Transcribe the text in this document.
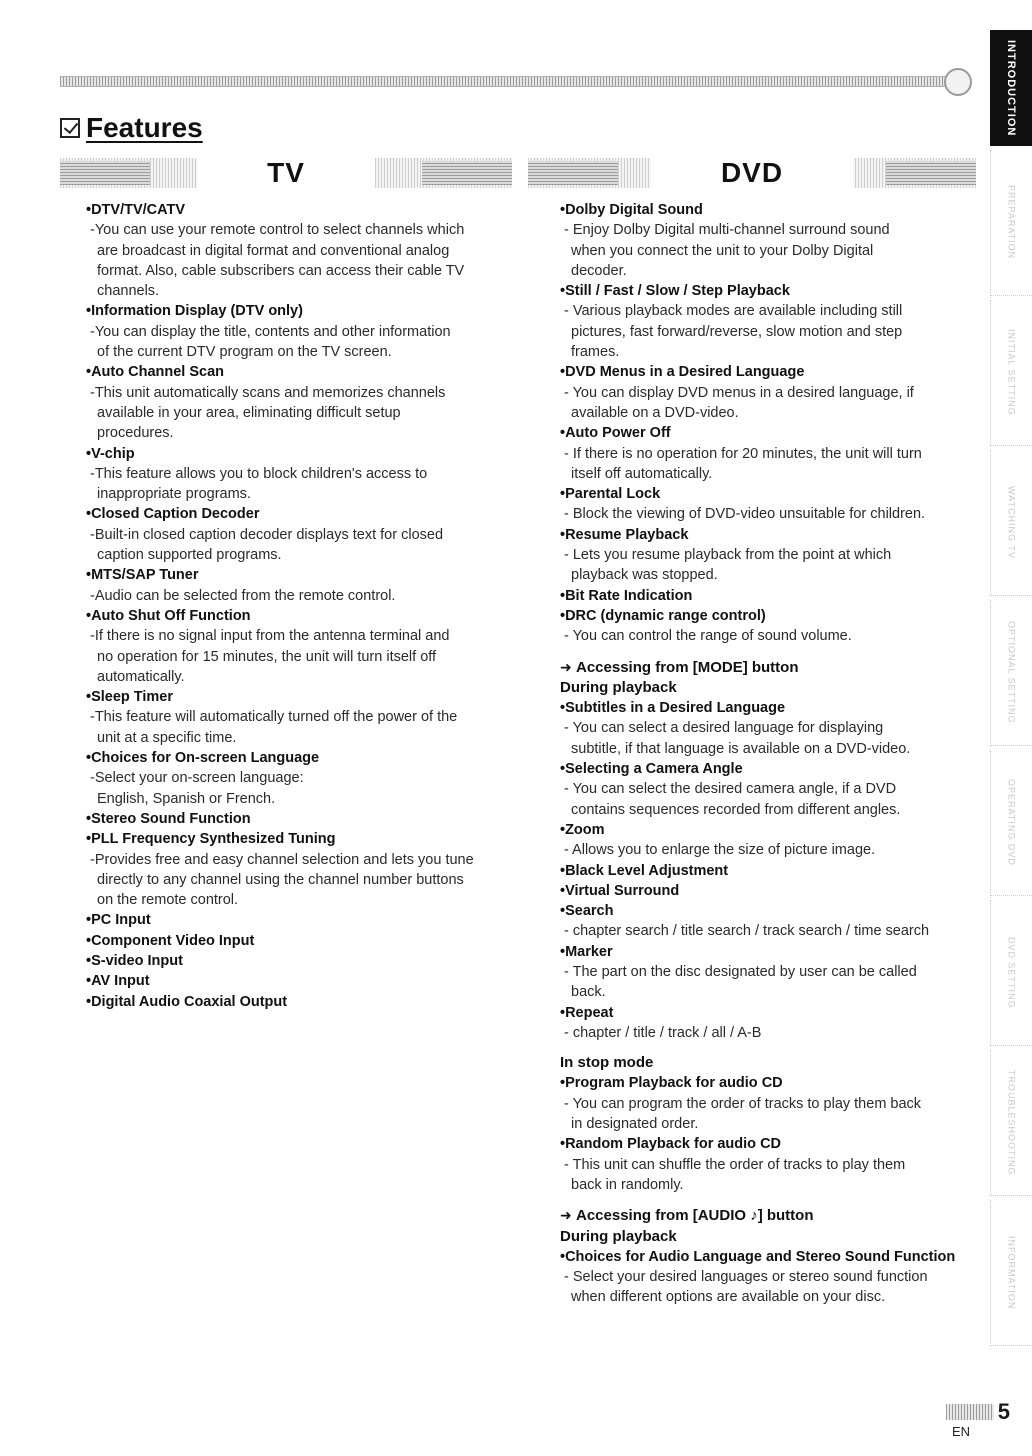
Features
TV	DVD
• DTV/TV/CATV
-You can use your remote control to select channels which
are broadcast in digital format and conventional analog
format. Also, cable subscribers can access their cable TV
channels.
• Information Display (DTV only)
-You can display the title, contents and other information
of the current DTV program on the TV screen.
• Auto Channel Scan
-This unit automatically scans and memorizes channels
available in your area, eliminating difficult setup
procedures.
• V-chip
-This feature allows you to block children's access to
inappropriate programs.
• Closed Caption Decoder
-Built-in closed caption decoder displays text for closed
caption supported programs.
• MTS/SAP Tuner
-Audio can be selected from the remote control.
• Auto Shut Off Function
-If there is no signal input from the antenna terminal and
no operation for 15 minutes, the unit will turn itself off
automatically.
• Sleep Timer
-This feature will automatically turned off the power of the
unit at a specific time.
• Choices for On-screen Language
-Select your on-screen language:
English, Spanish or French.
• Stereo Sound Function
• PLL Frequency Synthesized Tuning
-Provides free and easy channel selection and lets you tune
directly to any channel using the channel number buttons
on the remote control.
• PC Input
• Component Video Input
• S-video Input
• AV Input
• Digital Audio Coaxial Output
• Dolby Digital Sound
- Enjoy Dolby Digital multi-channel surround sound
when you connect the unit to your Dolby Digital
decoder.
• Still / Fast / Slow / Step Playback
- Various playback modes are available including still
pictures, fast forward/reverse, slow motion and step
frames.
• DVD Menus in a Desired Language
- You can display DVD menus in a desired language, if
available on a DVD-video.
• Auto Power Off
- If there is no operation for 20 minutes, the unit will turn
itself off automatically.
• Parental Lock
- Block the viewing of DVD-video unsuitable for children.
• Resume Playback
- Lets you resume playback from the point at which
playback was stopped.
• Bit Rate Indication
• DRC (dynamic range control)
- You can control the range of sound volume.
➜ Accessing from [MODE] button
During playback
• Subtitles in a Desired Language
- You can select a desired language for displaying
subtitle, if that language is available on a DVD-video.
• Selecting a Camera Angle
- You can select the desired camera angle, if a DVD
contains sequences recorded from different angles.
• Zoom
- Allows you to enlarge the size of picture image.
• Black Level Adjustment
• Virtual Surround
• Search
- chapter search / title search / track search / time search
• Marker
- The part on the disc designated by user can be called
back.
• Repeat
- chapter / title / track / all / A-B
In stop mode
• Program Playback for audio CD
- You can program the order of tracks to play them back
in designated order.
• Random Playback for audio CD
- This unit can shuffle the order of tracks to play them
back in randomly.
➜ Accessing from [AUDIO ♪] button
During playback
• Choices for Audio Language and Stereo Sound Function
- Select your desired languages or stereo sound function
when different options are available on your disc.
INTRODUCTION
PREPARATION
INITIAL SETTING
WATCHING TV
OPTIONAL SETTING
OPERATING DVD
DVD SETTING
TROUBLESHOOTING
INFORMATION
5
EN
